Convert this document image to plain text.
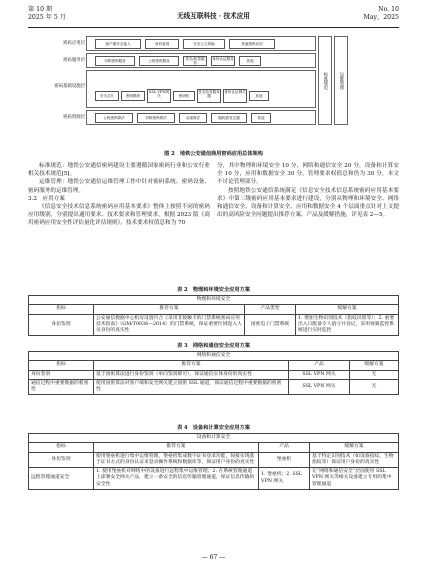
第 10 期
2025 年 5 月	无线互联科技 · 技术应用
No. 10
May，2025
密码应用层	客户端安全接入	身份鉴别	安全公文传输	其他密码应用
密码服务层	对称密码服务	公钥密码服务	签名/验签服务
身份认证服务	其他
密码基础设施层
安全芯片	密码模块
SSL VPN网关	密码机
签名验签服务器
身份认证网关
其他
密码资源层	公钥密码算法	对称密码算法	杂凑算法	随机数发生器	其他
标准规范	运维管理
图 2　地铁公安通信商用密码应用总体架构

标准规范：地铁公安通信密码建设主要遵循国家密码行业和公安行业相关技术规范[5]。

运维管理：地铁公安通信运维管理工作中针对密码系统、密码设备、密码服务的运维管理。

3.2　应用方案

《信息安全技术信息系统密码应用基本要求》整体上按照不同的密码应用级别，分别提出通用要求、技术要求和管理要求，根据 2023 版《商用密码应用安全性评估量化评估规则》，技术要求权值总和为 70

分，其中物理和环境安全 10 分，网络和通信安全 20 分，设备和计算安全 10 分，应用和数据安全 30 分，管理要求权值总和仍为 30 分，本文不讨论管理部分。

按照地铁公安通信系统满足《信息安全技术信息系统密码应用基本要求》中第三级密码应用基本要求进行建设，分别从物理和环境安全、网络和通信安全、设备和计算安全、应用和数据安全 4 个层面重点针对上文提出的高风险安全问题提出推荐方案、产品及缓解措施，详见表 2—5。

表 2　物理和环境安全应用方案
物理和环境安全			
指标	推荐方案	产品类型	缓解方案
身份鉴别	公安通信数据中心机房设置符合《采用非接触卡的门禁系统密码应用技术指南》（GM/T0036—2014）的门禁系统，保证重要区域进入人员身份的真实性	国密电子门禁系统	1. 增加生物识别技术（指纹识别等）；2. 重要出入口配备专人值守并登记，采用视频监控系统进行实时监控
表 3　网络和通信安全应用方案
网络和通信安全			
指标	推荐方案	产品	缓解方案
身份鉴别	基于国密算法进行身份鉴别（单向鉴别即可），保证通信实体身份的真实性	SSL VPN 网关	无
通信过程中重要数据的机密性	使用国密算法对客户端和安全网关建立国密 SSL 通道，保证通信过程中重要数据的机密性	SSL VPN 网关	无
表 4　设备和计算安全应用方案
设备和计算安全			
指标	推荐方案	产品	缓解方案
身份鉴别	使用堡垒机进行集中运维管理，堡垒机集成数字证书登录功能，间接实现基于证书方式的身份认证来登录操作系统和数据库等，保证用户身份的真实性	堡垒机	基于特定识别技术（如设备指纹、生物指纹等）保证用户身份的真实性
远程管理通道安全	1. 使用堡垒机对网络中的设备进行远程集中运维管理；2. 在系统管理通道上部署安全网关产品，建立一条安全的信息传输管理通道，保证信息传输的安全性	1. 堡垒机；2. SSL VPN 网关	在“网络和通信安全”层面使用 SSL VPN 网关等相关设备建立专用的集中管理通道
— 67 —
